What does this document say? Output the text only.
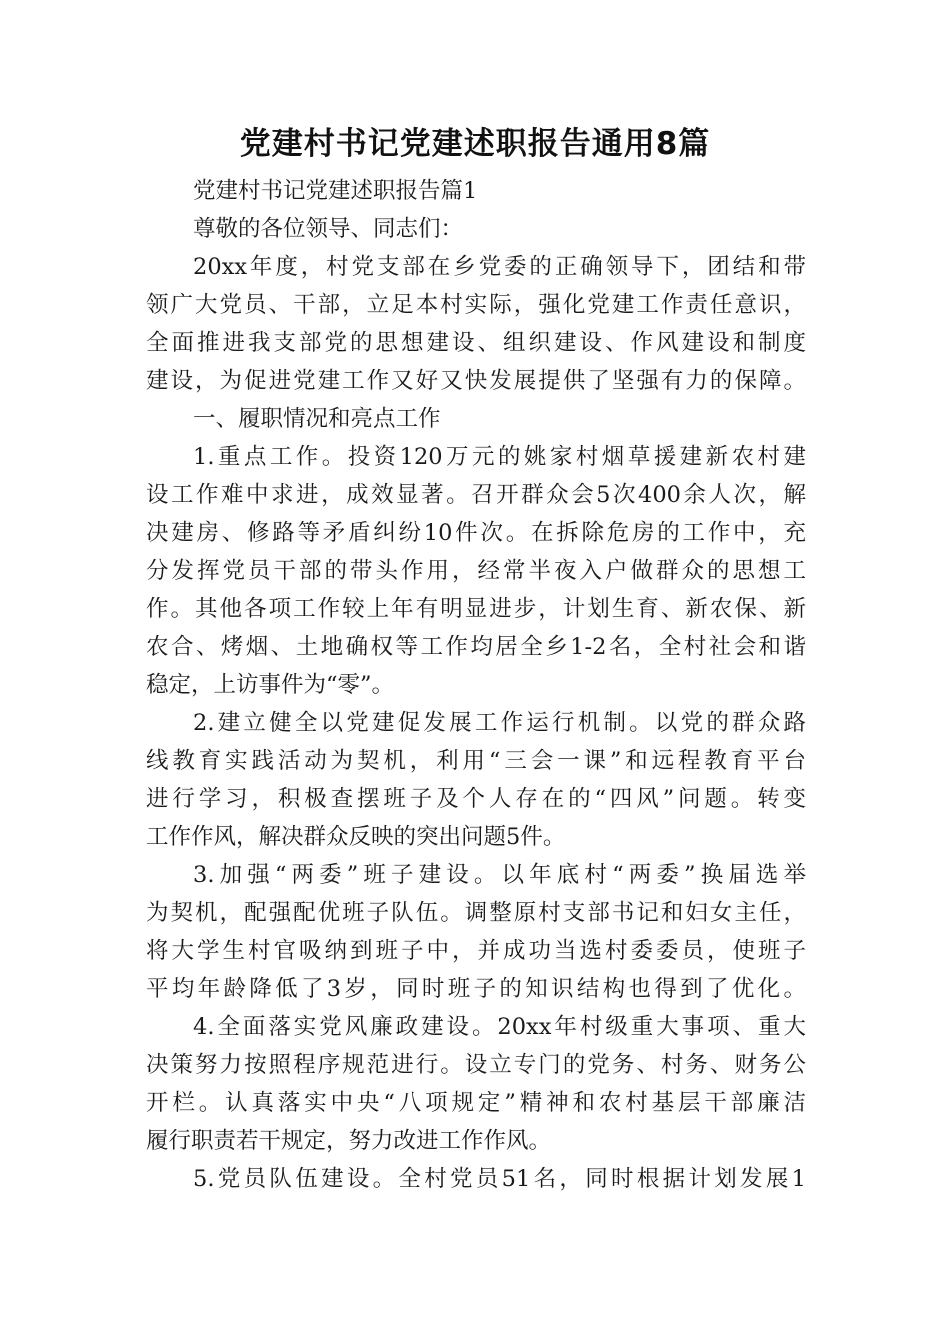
党建村书记党建述职报告通用8篇
党建村书记党建述职报告篇1
尊敬的各位领导、同志们：
20xx年度，村党支部在乡党委的正确领导下，团结和带
领广大党员、干部，立足本村实际，强化党建工作责任意识，
全面推进我支部党的思想建设、组织建设、作风建设和制度
建设，为促进党建工作又好又快发展提供了坚强有力的保障。
一、履职情况和亮点工作
1.重点工作。投资120万元的姚家村烟草援建新农村建
设工作难中求进，成效显著。召开群众会5次400余人次，解
决建房、修路等矛盾纠纷10件次。在拆除危房的工作中，充
分发挥党员干部的带头作用，经常半夜入户做群众的思想工
作。其他各项工作较上年有明显进步，计划生育、新农保、新
农合、烤烟、土地确权等工作均居全乡1-2名，全村社会和谐
稳定，上访事件为“零”。
2.建立健全以党建促发展工作运行机制。以党的群众路
线教育实践活动为契机，利用“三会一课”和远程教育平台
进行学习，积极查摆班子及个人存在的“四风”问题。转变
工作作风，解决群众反映的突出问题5件。
3.加强“两委”班子建设。以年底村“两委”换届选举
为契机，配强配优班子队伍。调整原村支部书记和妇女主任，
将大学生村官吸纳到班子中，并成功当选村委委员，使班子
平均年龄降低了3岁，同时班子的知识结构也得到了优化。
4.全面落实党风廉政建设。20xx年村级重大事项、重大
决策努力按照程序规范进行。设立专门的党务、村务、财务公
开栏。认真落实中央“八项规定”精神和农村基层干部廉洁
履行职责若干规定，努力改进工作作风。
5.党员队伍建设。全村党员51名，同时根据计划发展1
